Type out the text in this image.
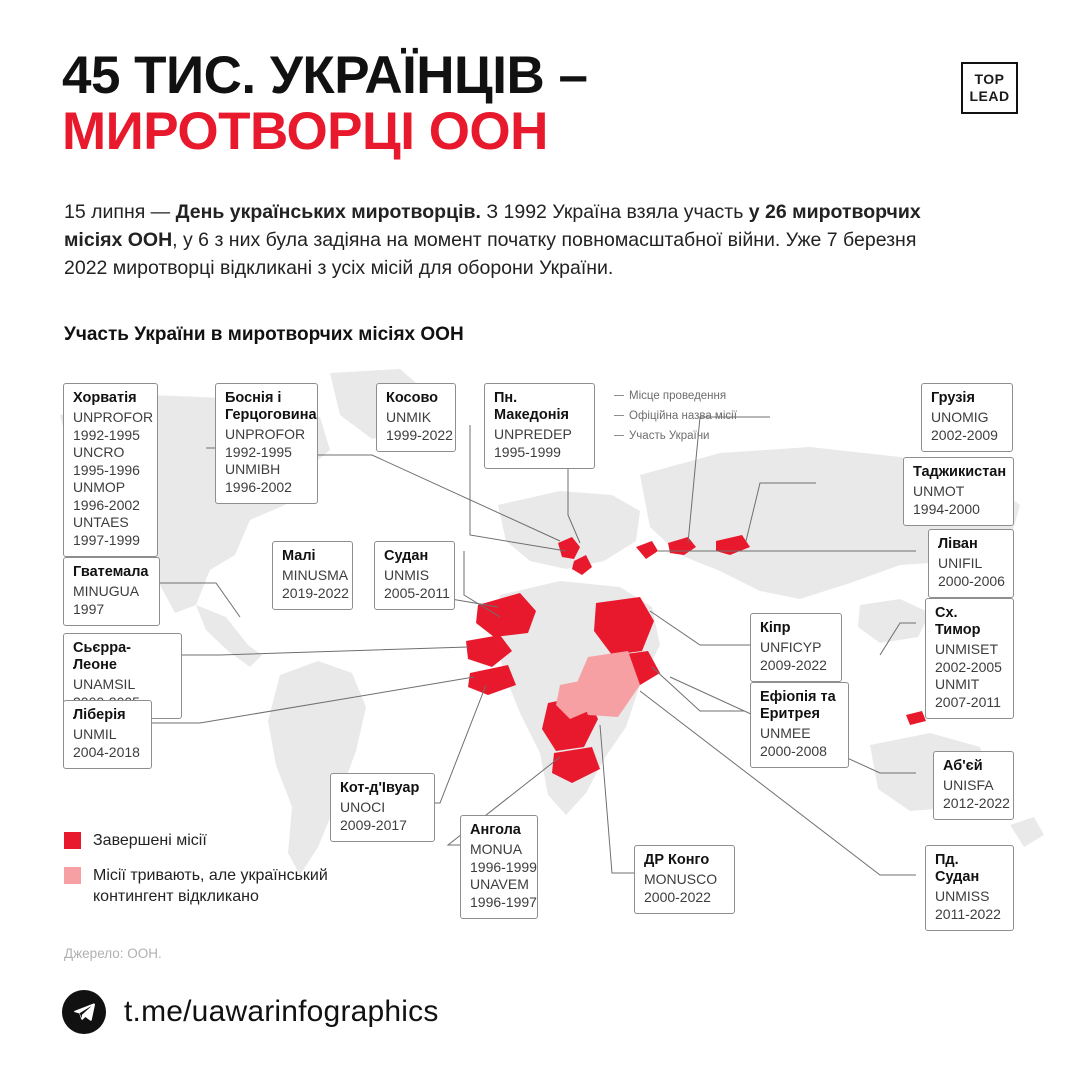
45 ТИС. УКРАЇНЦІВ –
МИРОТВОРЦІ ООН
TOP
LEAD
15 липня — День українських миротворців. З 1992 Україна взяла участь у 26 миротворчих місіях ООН, у 6 з них була задіяна на момент початку повномасштабної війни. Уже 7 березня 2022 миротворці відкликані з усіх місій для оборони України.
Участь України в миротворчих місіях ООН
Місце проведення
Офіційна назва місії
Участь України
Хорватія
UNPROFOR
1992-1995
UNCRO
1995-1996
UNMOP
1996-2002
UNTAES
1997-1999
Боснія і Герцоговина
UNPROFOR
1992-1995
UNMIBH
1996-2002
Косово
UNMIK
1999-2022
Пн. Македонія
UNPREDEP
1995-1999
Грузія
UNOMIG
2002-2009
Таджикистан
UNMOT
1994-2000
Ліван
UNIFIL
2000-2006
Сх. Тимор
UNMISET
2002-2005
UNMIT
2007-2011
Малі
MINUSMA
2019-2022
Судан
UNMIS
2005-2011
Гватемала
MINUGUA
1997
Сьєрра-Леоне
UNAMSIL
Ліберія
UNMIL
2004-2018
Кіпр
UNFICYP
2009-2022
Ефіопія та Еритрея
UNMEE
2000-2008
Аб'єй
UNISFA
2012-2022
Кот-д'Івуар
UNOCI
2009-2017	Ангола
MONUA
1996-1999
UNAVEM
1996-1997
ДР Конго
MONUSCO
2000-2022
Пд. Судан
UNMISS
2011-2022
Завершені місії
Місії тривають, але український контингент відкликано
Джерело: ООН.
t.me/uawarinfographics
